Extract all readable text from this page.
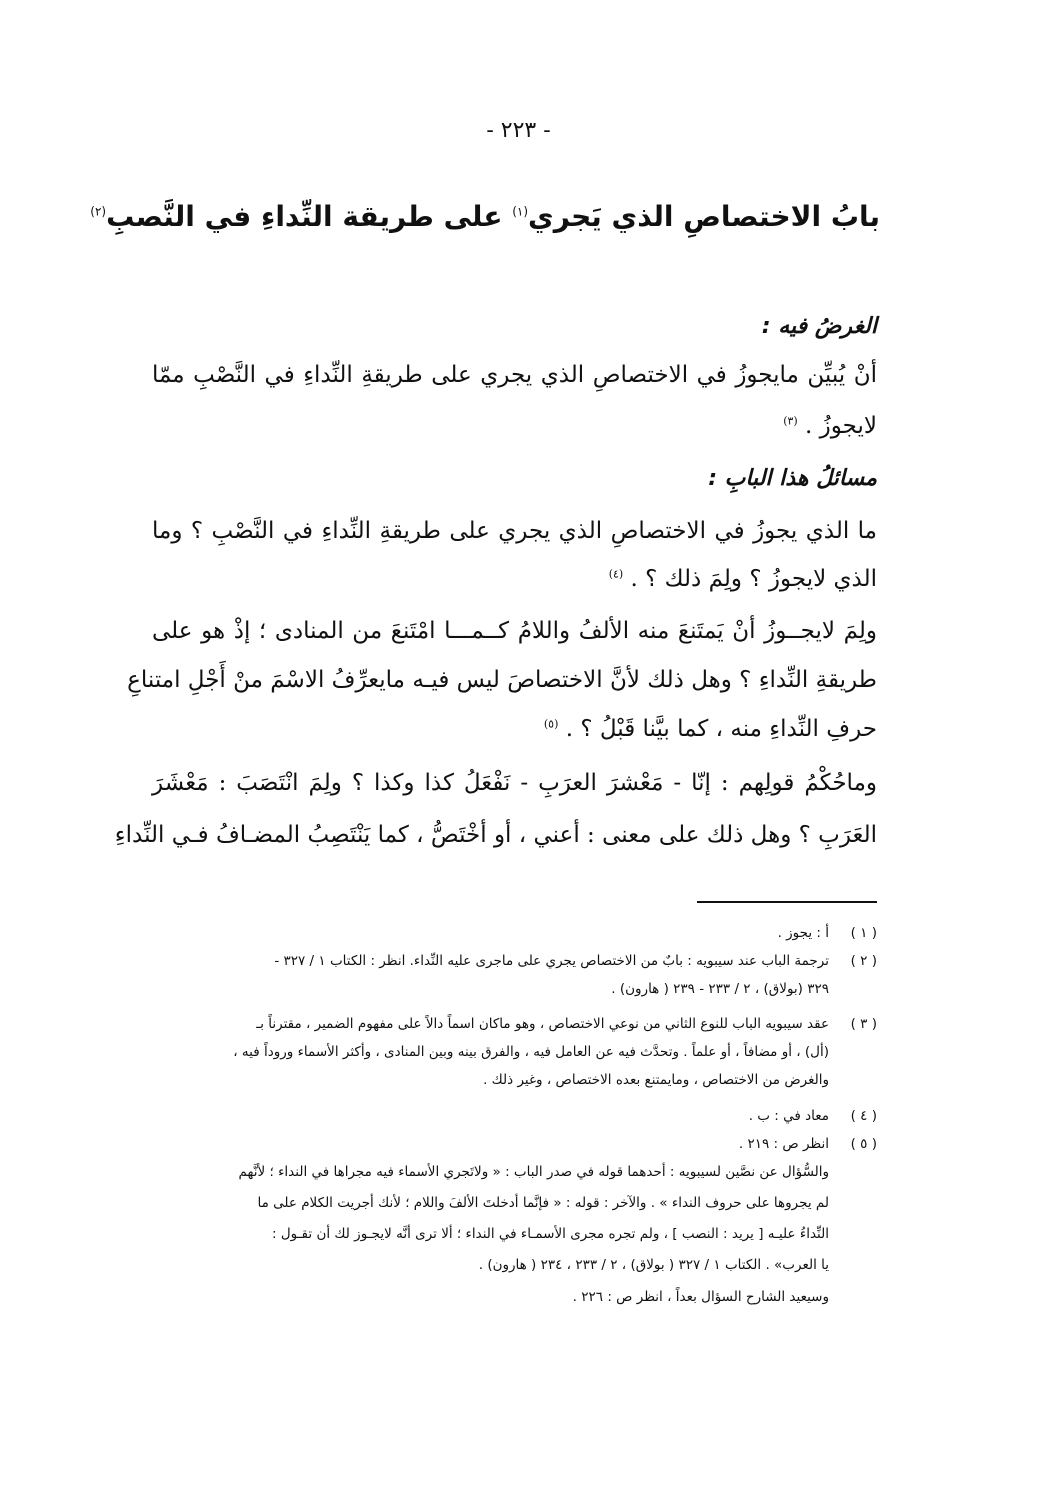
- ٢٢٣ -
بابُ الاختصاصِ الذي يَجري$^{(١)}$ على طريقة النِّداءِ في النَّصبِ$^{(٢)}$
الغرضُ فيه :
أنْ يُبيِّن مايجوزُ في الاختصاصِ الذي يجري على طريقةِ النِّداءِ في النَّصْبِ ممّا
لايجوزُ . $^{(٣)}$
مسائلُ هذا البابِ :
ما الذي يجوزُ في الاختصاصِ الذي يجري على طريقةِ النِّداءِ في النَّصْبِ ؟ وما
الذي لايجوزُ ؟ ولِمَ ذلك ؟ . $^{(٤)}$
ولِمَ لايجــوزُ أنْ يَمتَنعَ منه الألفُ واللامُ كــمـــا امْتَنعَ من المنادى ؛ إذْ هو على
طريقةِ النِّداءِ ؟ وهل ذلك لأنَّ الاختصاصَ ليس فيـه مايعرِّفُ الاسْمَ منْ أَجْلِ امتناعِ
حرفِ النِّداءِ منه ، كما بيَّنا قَبْلُ ؟ . $^{(٥)}$
وماحُكْمُ قولِهم : إنّا - مَعْشرَ العرَبِ - نَفْعَلُ كذا وكذا ؟ ولِمَ انْتَصَبَ : مَعْشَرَ
العَرَبِ ؟ وهل ذلك على معنى : أعني ، أو أخْتَصُّ ، كما يَنْتَصِبُ المضـافُ فـي النِّداءِ
( ١ )أ : يجوز .
( ٢ )ترجمة الباب عند سيبويه : بابٌ من الاختصاص يجري على ماجرى عليه النِّداء. انظر : الكتاب ١ / ٣٢٧ -
٣٢٩ (بولاق) ، ٢ / ٢٣٣ - ٢٣٩ ( هارون) .
( ٣ )عقد سيبويه الباب للنوع الثاني من نوعي الاختصاص ، وهو ماكان اسماً دالاً على مفهوم الضمير ، مقترناً بـ
(أل) ، أو مضافاً ، أو علماً . وتحدَّث فيه عن العامل فيه ، والفرق بينه وبين المنادى ، وأكثر الأسماء وروداً فيه ،
والغرض من الاختصاص ، ومايمتنع بعده الاختصاص ، وغير ذلك .
( ٤ )معاد في : ب .
( ٥ )انظر ص : ٢١٩ .
والسُّؤال عن نصَّين لسيبويه : أحدهما قوله في صدر الباب : « ولاتَجري الأسماء فيه مجراها في النداء ؛ لأنَّهم
لم يجروها على حروف النداء » . والآخر : قوله : « فإنَّما أدخلتَ الألفَ واللام ؛ لأنك أجريت الكلام على ما
النِّداءُ عليـه [ يريد : النصب ] ، ولم تجره مجرى الأسمـاء في النداء ؛ ألا ترى أنَّه لايجـوز لك أن تقـول :
يا العرب» . الكتاب ١ / ٣٢٧ ( بولاق) ، ٢ / ٢٣٣ ، ٢٣٤ ( هارون) .
وسيعيد الشارح السؤال بعداً ، انظر ص : ٢٢٦ .
